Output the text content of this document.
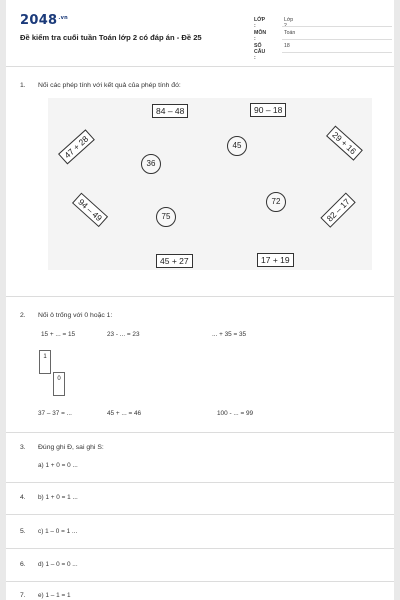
$2048^{.vn}$
Đề kiểm tra cuối tuần Toán lớp 2 có đáp án - Đề 25
LỚP :
Lớp
MÔN :
Toán
SỐ CÂU :
18
1. Nối các phép tính với kết quả của phép tính đó:
84 – 48	90 – 18
47 + 28	29 + 16
94 – 49	82 – 17
45 + 27	17 + 19
36
45
72
75
2. Nối ô trống với 0 hoặc 1:
15 + ... = 15	23 - ... = 23	... + 35 = 35
1
0
37 – 37 = ...	45 + ... = 46	100 - ... = 99
3. Đúng ghi Đ, sai ghi S:
a) 1 + 0 = 0 ...
4. b) 1 + 0 = 1 ...
5. c) 1 – 0 = 1 ...
6. d) 1 – 0 = 0 ...
7. e) 1 – 1 = 1
